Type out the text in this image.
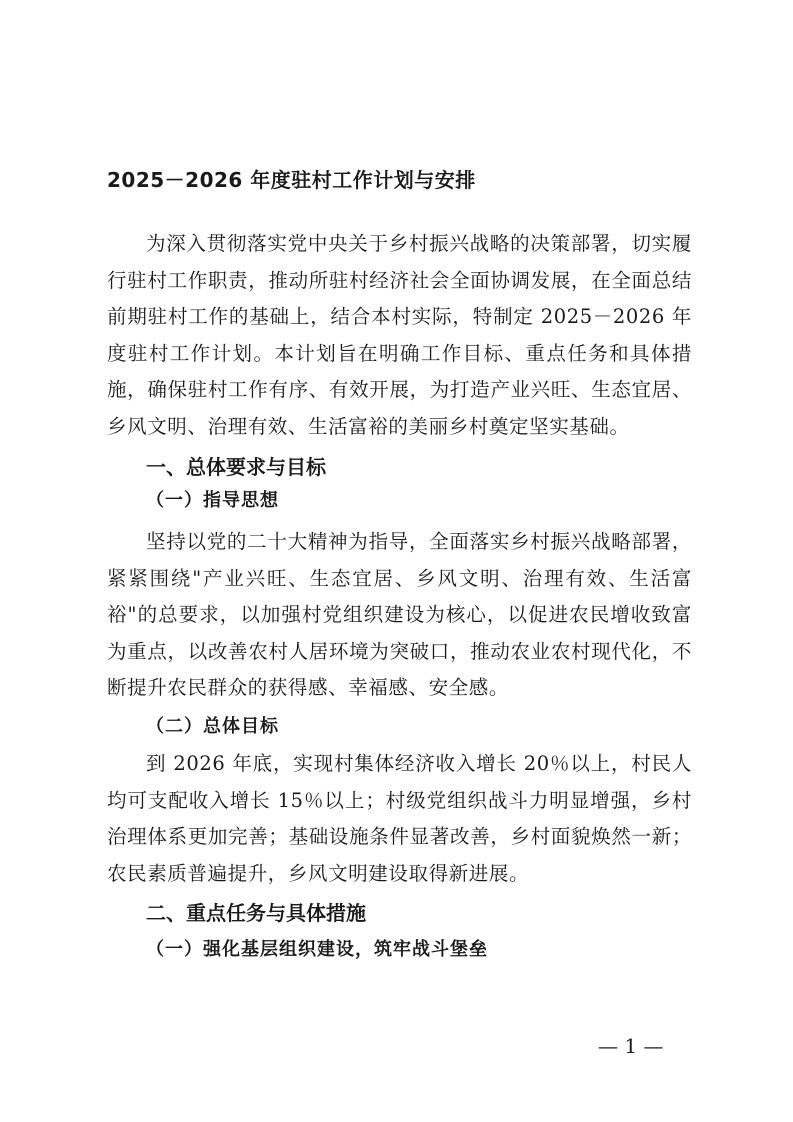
2025－2026 年度驻村工作计划与安排
为深入贯彻落实党中央关于乡村振兴战略的决策部署，切实履行驻村工作职责，推动所驻村经济社会全面协调发展，在全面总结前期驻村工作的基础上，结合本村实际，特制定 2025－2026 年度驻村工作计划。本计划旨在明确工作目标、重点任务和具体措施，确保驻村工作有序、有效开展，为打造产业兴旺、生态宜居、乡风文明、治理有效、生活富裕的美丽乡村奠定坚实基础。
一、总体要求与目标
（一）指导思想
坚持以党的二十大精神为指导，全面落实乡村振兴战略部署，紧紧围绕"产业兴旺、生态宜居、乡风文明、治理有效、生活富裕"的总要求，以加强村党组织建设为核心，以促进农民增收致富为重点，以改善农村人居环境为突破口，推动农业农村现代化，不断提升农民群众的获得感、幸福感、安全感。
（二）总体目标
到 2026 年底，实现村集体经济收入增长 20％以上，村民人均可支配收入增长 15％以上；村级党组织战斗力明显增强，乡村治理体系更加完善；基础设施条件显著改善，乡村面貌焕然一新；农民素质普遍提升，乡风文明建设取得新进展。
二、重点任务与具体措施
（一）强化基层组织建设，筑牢战斗堡垒
— 1 —
